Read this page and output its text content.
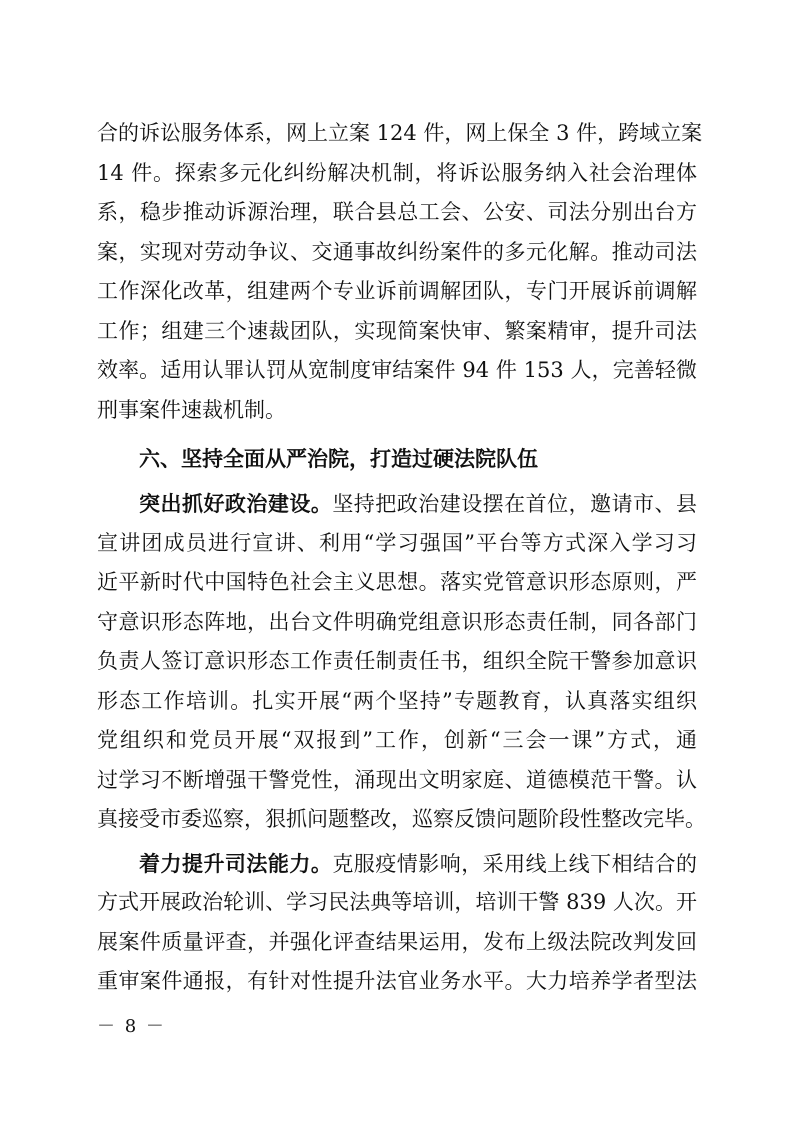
合的诉讼服务体系，网上立案 124 件，网上保全 3 件，跨域立案
14 件。探索多元化纠纷解决机制，将诉讼服务纳入社会治理体
系，稳步推动诉源治理，联合县总工会、公安、司法分别出台方
案，实现对劳动争议、交通事故纠纷案件的多元化解。推动司法
工作深化改革，组建两个专业诉前调解团队，专门开展诉前调解
工作；组建三个速裁团队，实现简案快审、繁案精审，提升司法
效率。适用认罪认罚从宽制度审结案件 94 件 153 人，完善轻微
刑事案件速裁机制。
六、坚持全面从严治院，打造过硬法院队伍
突出抓好政治建设。坚持把政治建设摆在首位，邀请市、县
宣讲团成员进行宣讲、利用“学习强国”平台等方式深入学习习
近平新时代中国特色社会主义思想。落实党管意识形态原则，严
守意识形态阵地，出台文件明确党组意识形态责任制，同各部门
负责人签订意识形态工作责任制责任书，组织全院干警参加意识
形态工作培训。扎实开展“两个坚持”专题教育，认真落实组织
党组织和党员开展“双报到”工作，创新“三会一课”方式，通
过学习不断增强干警党性，涌现出文明家庭、道德模范干警。认
真接受市委巡察，狠抓问题整改，巡察反馈问题阶段性整改完毕。
着力提升司法能力。克服疫情影响，采用线上线下相结合的
方式开展政治轮训、学习民法典等培训，培训干警 839 人次。开
展案件质量评查，并强化评查结果运用，发布上级法院改判发回
重审案件通报，有针对性提升法官业务水平。大力培养学者型法
－ 8 －
